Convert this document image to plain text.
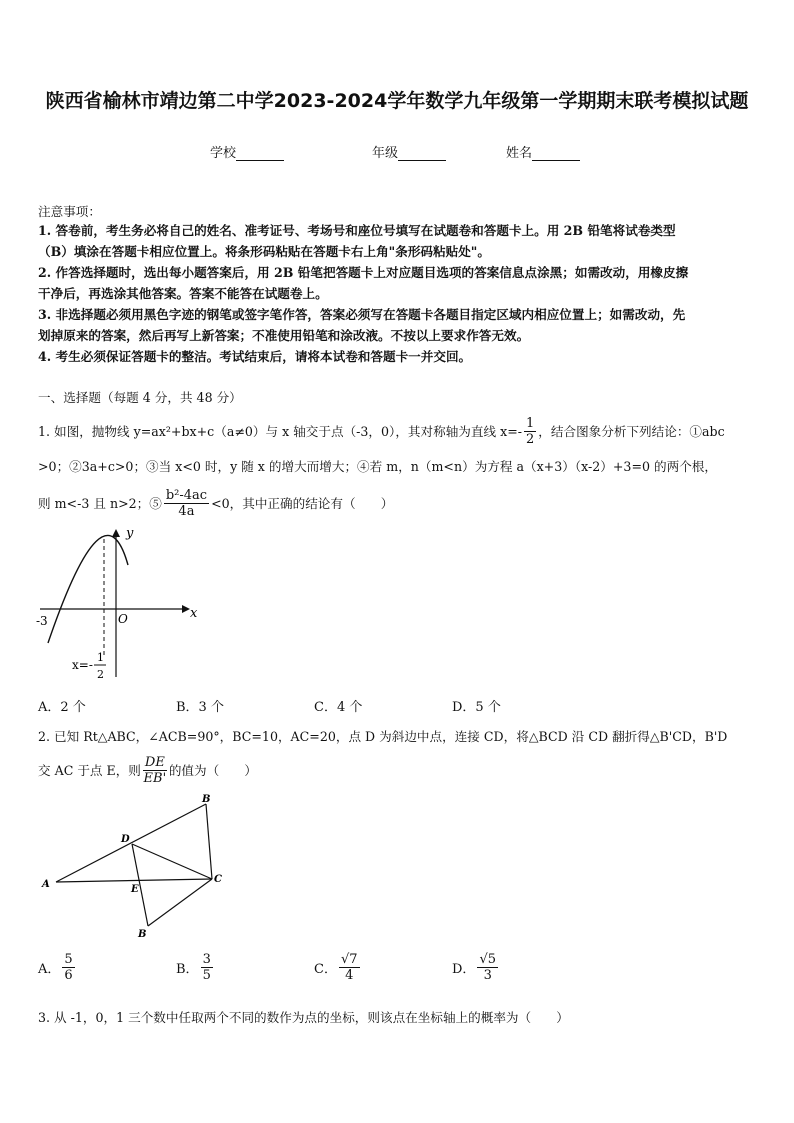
陕西省榆林市靖边第二中学2023-2024学年数学九年级第一学期期末联考模拟试题
学校	年级	姓名
注意事项：
1. 答卷前，考生务必将自己的姓名、准考证号、考场号和座位号填写在试题卷和答题卡上。用 2B 铅笔将试卷类型
（B）填涂在答题卡相应位置上。将条形码粘贴在答题卡右上角"条形码粘贴处"。
2. 作答选择题时，选出每小题答案后，用 2B 铅笔把答题卡上对应题目选项的答案信息点涂黑；如需改动，用橡皮擦
干净后，再选涂其他答案。答案不能答在试题卷上。
3. 非选择题必须用黑色字迹的钢笔或签字笔作答，答案必须写在答题卡各题目指定区域内相应位置上；如需改动，先
划掉原来的答案，然后再写上新答案；不准使用铅笔和涂改液。不按以上要求作答无效。
4. 考生必须保证答题卡的整洁。考试结束后，请将本试卷和答题卡一并交回。
一、选择题（每题 4 分，共 48 分）
1. 如图，抛物线 y=ax²+bx+c（a≠0）与 x 轴交于点（-3，0），其对称轴为直线 $x=- \frac{1}{2}$ ，结合图象分析下列结论：①abc
>0；②3a+c>0；③当 x<0 时，y 随 x 的增大而增大；④若 m，n（m<n）为方程 a（x+3）（x-2）+3=0 的两个根，
则 m<-3 且 n>2；⑤ $\frac{\text{b²-4ac}}{4a} <0$，其中正确的结论有（　　）
y
x
O
-3
x=-
1
2
A．2 个	B．3 个	C．4 个	D．5 个
2. 已知 Rt△ABC，∠ACB=90°，BC=10，AC=20，点 D 为斜边中点，连接 CD，将△BCD 沿 CD 翻折得△B'CD，B'D
交 AC 于点 E，则 $\frac{DE}{EB'}$ 的值为（　　）
A
B
C
D
E
B
A． $\frac{5}{6}$	B． $\frac{3}{5}$	C． $\frac{√7}{4}$	D． $\frac{√5}{3}$
3. 从 -1，0，1 三个数中任取两个不同的数作为点的坐标，则该点在坐标轴上的概率为（　　）
